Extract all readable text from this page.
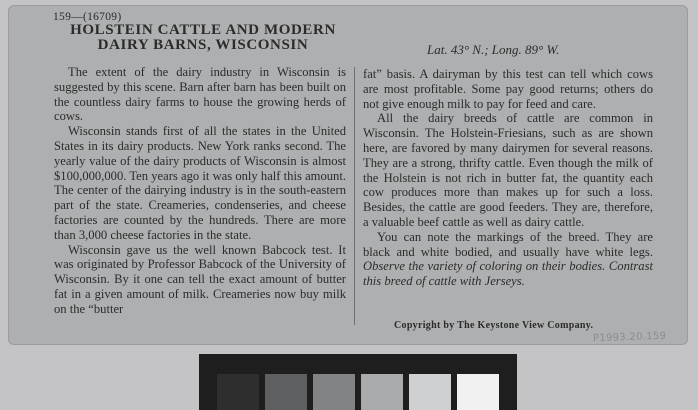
159—(16709)
HOLSTEIN CATTLE AND MODERN
DAIRY BARNS, WISCONSIN	Lat. 43° N.; Long. 89° W.

The extent of the dairy industry in Wisconsin is suggested by this scene. Barn after barn has been built on the countless dairy farms to house the growing herds of cows.

Wisconsin stands first of all the states in the United States in its dairy products. New York ranks second. The yearly value of the dairy products of Wisconsin is almost $100,000,000. Ten years ago it was only half this amount. The center of the dairying industry is in the south-eastern part of the state. Creameries, condenseries, and cheese factories are counted by the hundreds. There are more than 3,000 cheese factories in the state.

Wisconsin gave us the well known Babcock test. It was originated by Professor Babcock of the University of Wisconsin. By it one can tell the exact amount of butter fat in a given amount of milk. Creameries now buy milk on the “butter

fat” basis. A dairyman by this test can tell which cows are most profitable. Some pay good returns; others do not give enough milk to pay for feed and care.

All the dairy breeds of cattle are common in Wisconsin. The Holstein-Friesians, such as are shown here, are favored by many dairymen for several reasons. They are a strong, thrifty cattle. Even though the milk of the Holstein is not rich in butter fat, the quantity each cow produces more than makes up for such a loss. Besides, the cattle are good feeders. They are, therefore, a valuable beef cattle as well as dairy cattle.

You can note the markings of the breed. They are black and white bodied, and usually have white legs. Observe the variety of coloring on their bodies. Contrast this breed of cattle with Jerseys.

Copyright by The Keystone View Company.
P1993.20.159
